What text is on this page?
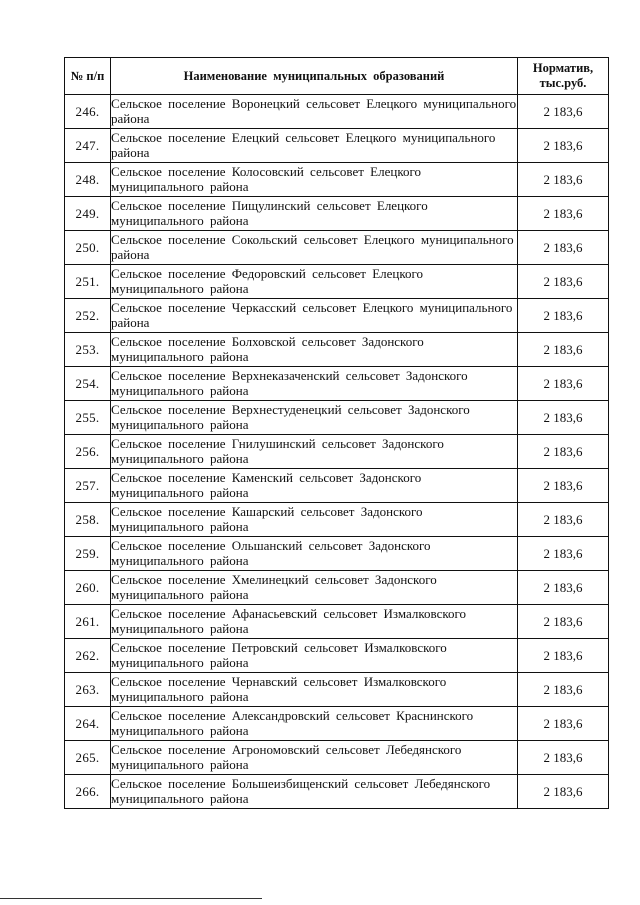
№ п/п	Наименование муниципальных образований	Норматив, тыс.руб.
246.	Сельское поселение Воронецкий сельсовет Елецкого муниципального района	2 183,6
247.	Сельское поселение Елецкий сельсовет Елецкого муниципального района	2 183,6
248.	Сельское поселение Колосовский сельсовет Елецкого муниципального района	2 183,6
249.	Сельское поселение Пищулинский сельсовет Елецкого муниципального района	2 183,6
250.	Сельское поселение Сокольский сельсовет Елецкого муниципального района	2 183,6
251.	Сельское поселение Федоровский сельсовет Елецкого муниципального района	2 183,6
252.	Сельское поселение Черкасский сельсовет Елецкого муниципального района	2 183,6
253.	Сельское поселение Болховской сельсовет Задонского муниципального района	2 183,6
254.	Сельское поселение Верхнеказаченский сельсовет Задонского муниципального района	2 183,6
255.	Сельское поселение Верхнестуденецкий сельсовет Задонского муниципального района	2 183,6
256.	Сельское поселение Гнилушинский сельсовет Задонского муниципального района	2 183,6
257.	Сельское поселение Каменский сельсовет Задонского муниципального района	2 183,6
258.	Сельское поселение Кашарский сельсовет Задонского муниципального района	2 183,6
259.	Сельское поселение Ольшанский сельсовет Задонского муниципального района	2 183,6
260.	Сельское поселение Хмелинецкий сельсовет Задонского муниципального района	2 183,6
261.	Сельское поселение Афанасьевский сельсовет Измалковского муниципального района	2 183,6
262.	Сельское поселение Петровский сельсовет Измалковского муниципального района	2 183,6
263.	Сельское поселение Чернавский сельсовет Измалковского муниципального района	2 183,6
264.	Сельское поселение Александровский сельсовет Краснинского муниципального района	2 183,6
265.	Сельское поселение Агрономовский сельсовет Лебедянского муниципального района	2 183,6
266.	Сельское поселение Большеизбищенский сельсовет Лебедянского муниципального района	2 183,6
